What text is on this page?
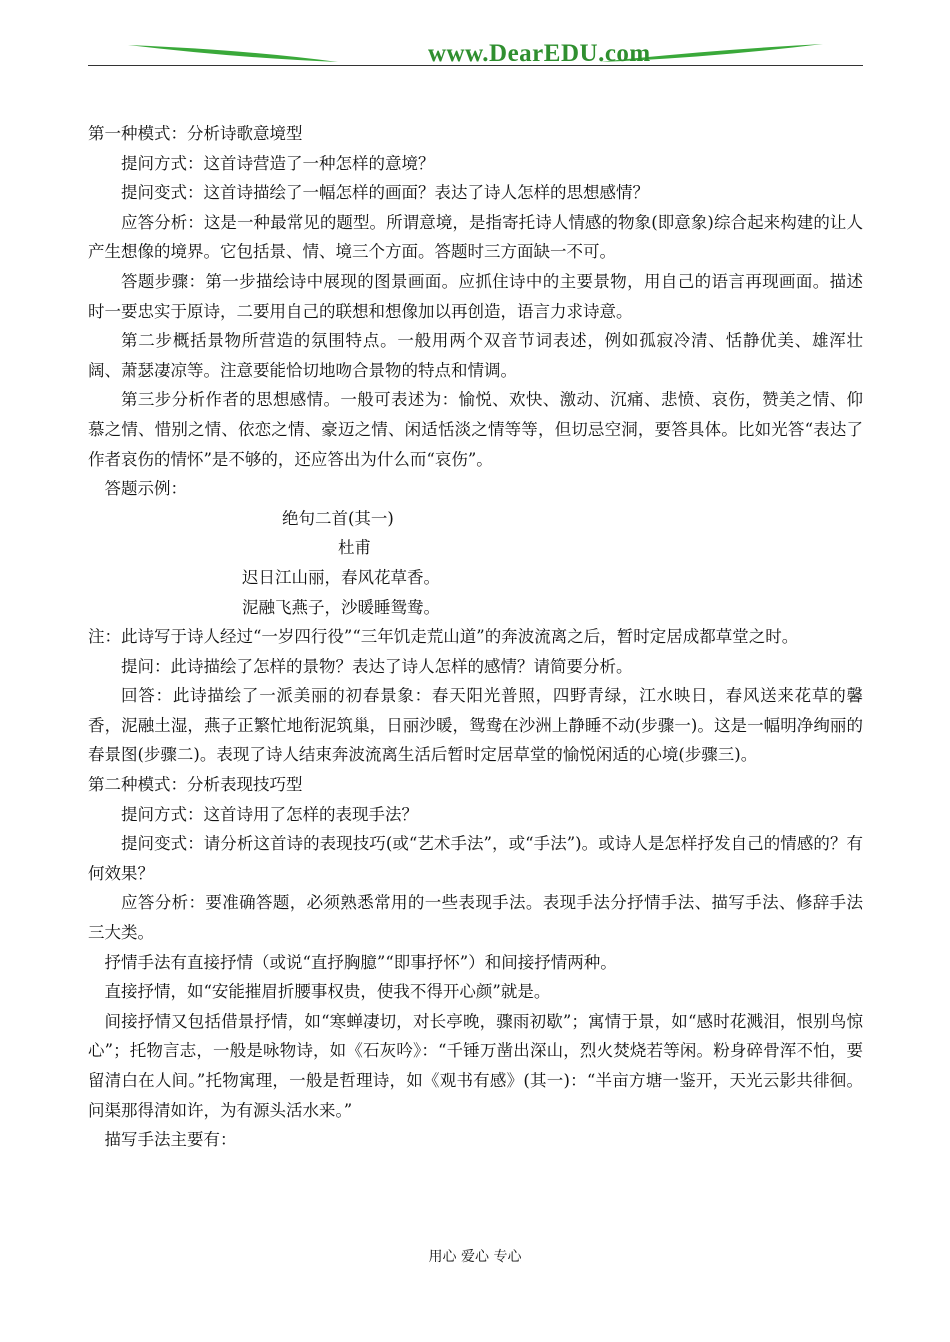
www.DearEDU.com

第一种模式：分析诗歌意境型

提问方式：这首诗营造了一种怎样的意境？

提问变式：这首诗描绘了一幅怎样的画面？表达了诗人怎样的思想感情？

应答分析：这是一种最常见的题型。所谓意境，是指寄托诗人情感的物象(即意象)综合起来构建的让人产生想像的境界。它包括景、情、境三个方面。答题时三方面缺一不可。

答题步骤：第一步描绘诗中展现的图景画面。应抓住诗中的主要景物，用自己的语言再现画面。描述时一要忠实于原诗，二要用自己的联想和想像加以再创造，语言力求诗意。

第二步概括景物所营造的氛围特点。一般用两个双音节词表述，例如孤寂冷清、恬静优美、雄浑壮阔、萧瑟凄凉等。注意要能恰切地吻合景物的特点和情调。

第三步分析作者的思想感情。一般可表述为：愉悦、欢快、激动、沉痛、悲愤、哀伤，赞美之情、仰慕之情、惜别之情、依恋之情、豪迈之情、闲适恬淡之情等等，但切忌空洞，要答具体。比如光答“表达了作者哀伤的情怀”是不够的，还应答出为什么而“哀伤”。

答题示例：

绝句二首(其一)

杜甫

迟日江山丽，春风花草香。

泥融飞燕子，沙暖睡鸳鸯。

注：此诗写于诗人经过“一岁四行役”“三年饥走荒山道”的奔波流离之后，暂时定居成都草堂之时。

提问：此诗描绘了怎样的景物？表达了诗人怎样的感情？请简要分析。

回答：此诗描绘了一派美丽的初春景象：春天阳光普照，四野青绿，江水映日，春风送来花草的馨香，泥融土湿，燕子正繁忙地衔泥筑巢，日丽沙暖，鸳鸯在沙洲上静睡不动(步骤一)。这是一幅明净绚丽的春景图(步骤二)。表现了诗人结束奔波流离生活后暂时定居草堂的愉悦闲适的心境(步骤三)。

第二种模式：分析表现技巧型

提问方式：这首诗用了怎样的表现手法？

提问变式：请分析这首诗的表现技巧(或“艺术手法”，或“手法”)。或诗人是怎样抒发自己的情感的？有何效果？

应答分析：要准确答题，必须熟悉常用的一些表现手法。表现手法分抒情手法、描写手法、修辞手法三大类。

抒情手法有直接抒情（或说“直抒胸臆”“即事抒怀”）和间接抒情两种。

直接抒情，如“安能摧眉折腰事权贵，使我不得开心颜”就是。

间接抒情又包括借景抒情，如“寒蝉凄切，对长亭晚，骤雨初歇”；寓情于景，如“感时花溅泪，恨别鸟惊心”；托物言志，一般是咏物诗，如《石灰吟》：“千锤万凿出深山，烈火焚烧若等闲。粉身碎骨浑不怕，要留清白在人间。”托物寓理，一般是哲理诗，如《观书有感》(其一)：“半亩方塘一鉴开，天光云影共徘徊。问渠那得清如许，为有源头活水来。”

描写手法主要有：

用心 爱心 专心
